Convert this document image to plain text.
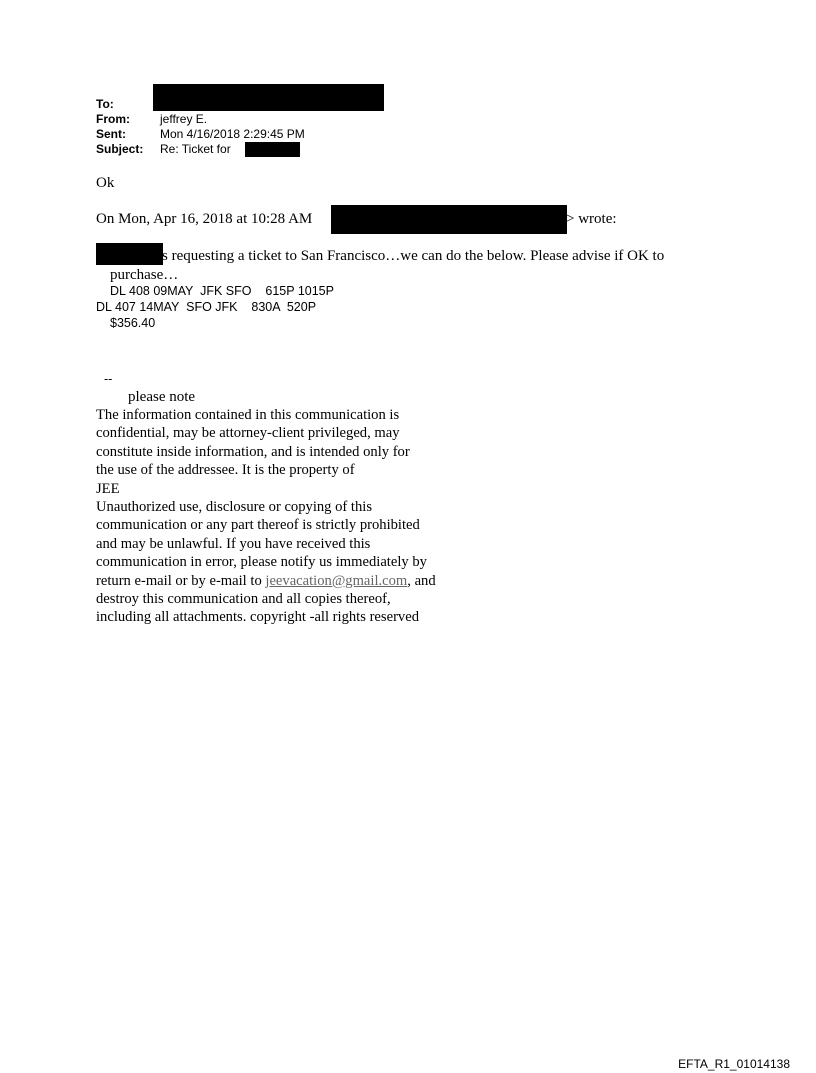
To:
From:	jeffrey E.
Sent:	Mon 4/16/2018 2:29:45 PM
Subject: Re: Ticket for
Ok
On Mon, Apr 16, 2018 at 10:28 AM	> wrote:
s requesting a ticket to San Francisco…we can do the below. Please advise if OK to
purchase…
DL 408 09MAY  JFK SFO    615P 1015P
DL 407 14MAY  SFO JFK    830A  520P
$356.40
--
please note
The information contained in this communication is
confidential, may be attorney-client privileged, may
constitute inside information, and is intended only for
the use of the addressee. It is the property of
JEE
Unauthorized use, disclosure or copying of this
communication or any part thereof is strictly prohibited
and may be unlawful. If you have received this
communication in error, please notify us immediately by
return e-mail or by e-mail to jeevacation@gmail.com, and
destroy this communication and all copies thereof,
including all attachments. copyright -all rights reserved
EFTA_R1_01014138
